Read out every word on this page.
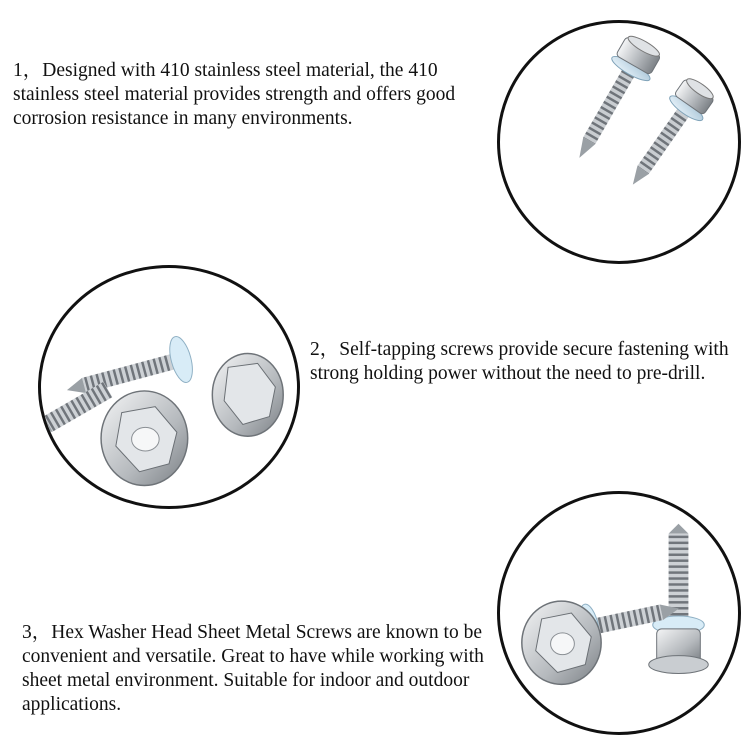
1，Designed with 410 stainless steel material, the 410 stainless steel material provides strength and offers good corrosion resistance in many environments.
2，Self-tapping screws provide secure fastening with strong holding power without the need to pre-drill.
3，Hex Washer Head Sheet Metal Screws are known to be convenient and versatile. Great to have while working with sheet metal environment. Suitable for indoor and outdoor applications.
